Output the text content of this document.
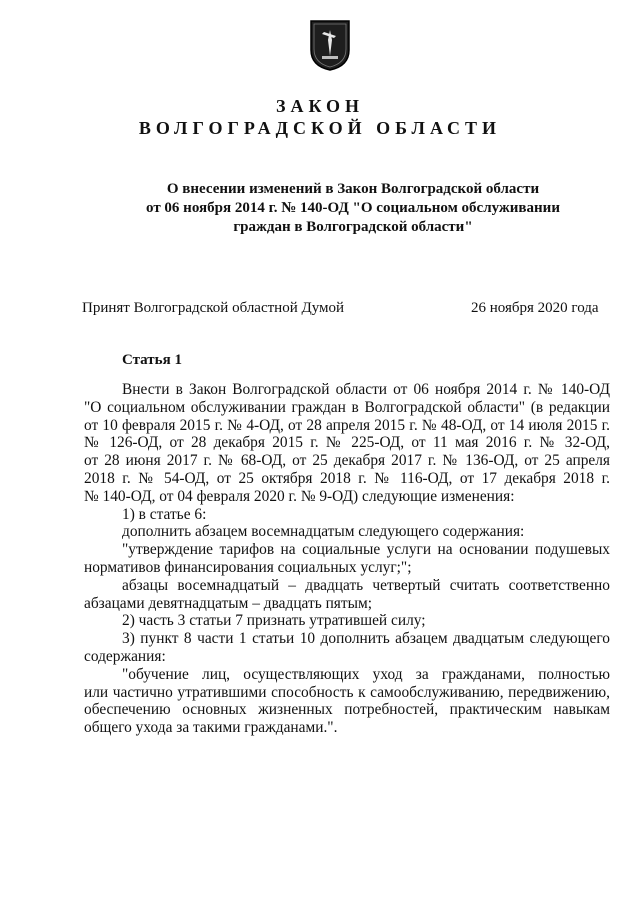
ЗАКОН
ВОЛГОГРАДСКОЙ ОБЛАСТИ
О внесении изменений в Закон Волгоградской области
от 06 ноября 2014 г. № 140-ОД "О социальном обслуживании
граждан в Волгоградской области"
Принят Волгоградской областной Думой	26 ноября 2020 года
Статья 1
Внести в Закон Волгоградской области от 06 ноября 2014 г. № 140-ОД
"О социальном обслуживании граждан в Волгоградской области" (в редакции
от 10 февраля 2015 г. № 4-ОД, от 28 апреля 2015 г. № 48-ОД, от 14 июля 2015 г.
№ 126-ОД, от 28 декабря 2015 г. № 225-ОД, от 11 мая 2016 г. № 32-ОД,
от 28 июня 2017 г. № 68-ОД, от 25 декабря 2017 г. № 136-ОД, от 25 апреля
2018 г. № 54-ОД, от 25 октября 2018 г. № 116-ОД, от 17 декабря 2018 г.
№ 140-ОД, от 04 февраля 2020 г. № 9-ОД) следующие изменения:
1) в статье 6:
дополнить абзацем восемнадцатым следующего содержания:
"утверждение тарифов на социальные услуги на основании подушевых
нормативов финансирования социальных услуг;";
абзацы восемнадцатый – двадцать четвертый считать соответственно
абзацами девятнадцатым – двадцать пятым;
2) часть 3 статьи 7 признать утратившей силу;
3) пункт 8 части 1 статьи 10 дополнить абзацем двадцатым следующего
содержания:
"обучение лиц, осуществляющих уход за гражданами, полностью
или частично утратившими способность к самообслуживанию, передвижению,
обеспечению основных жизненных потребностей, практическим навыкам
общего ухода за такими гражданами.".
